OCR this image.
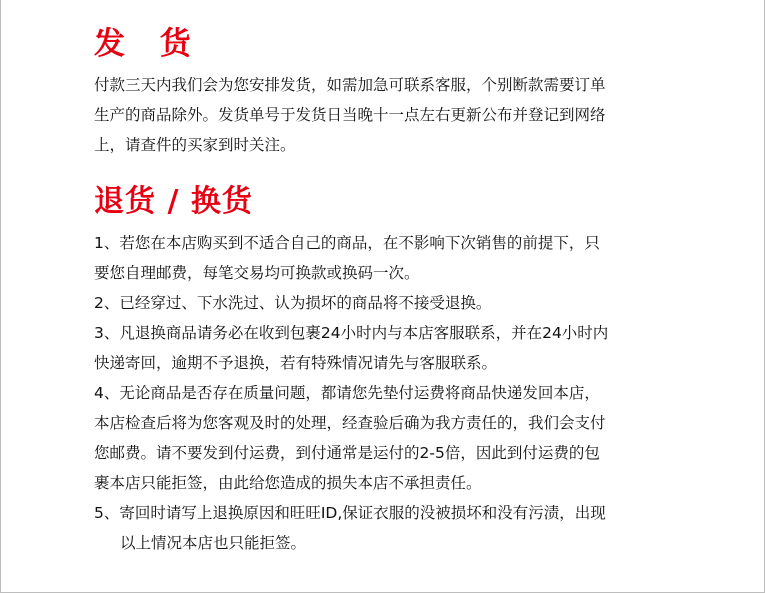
发 货
付款三天内我们会为您安排发货，如需加急可联系客服，个别断款需要订单
生产的商品除外。发货单号于发货日当晚十一点左右更新公布并登记到网络
上，请查件的买家到时关注。
退货 / 换货
1、若您在本店购买到不适合自己的商品，在不影响下次销售的前提下，只
要您自理邮费，每笔交易均可换款或换码一次。
2、已经穿过、下水洗过、认为损坏的商品将不接受退换。
3、凡退换商品请务必在收到包裹24小时内与本店客服联系，并在24小时内
快递寄回，逾期不予退换，若有特殊情况请先与客服联系。
4、无论商品是否存在质量问题，都请您先垫付运费将商品快递发回本店，
本店检查后将为您客观及时的处理，经查验后确为我方责任的，我们会支付
您邮费。请不要发到付运费，到付通常是运付的2-5倍，因此到付运费的包
裹本店只能拒签，由此给您造成的损失本店不承担责任。
5、寄回时请写上退换原因和旺旺ID,保证衣服的没被损坏和没有污渍，出现
以上情况本店也只能拒签。
